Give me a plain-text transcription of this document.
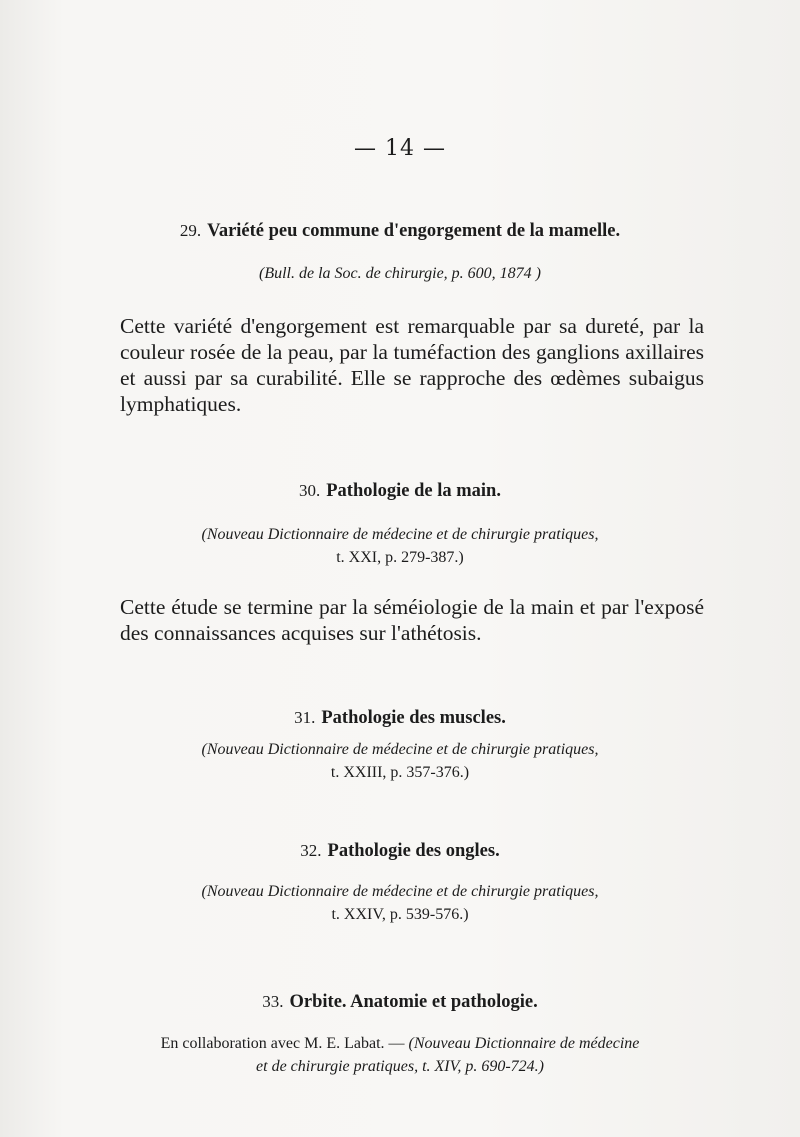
— 14 —
29. Variété peu commune d'engorgement de la mamelle.
(Bull. de la Soc. de chirurgie, p. 600, 1874 )
Cette variété d'engorgement est remarquable par sa dureté, par la
couleur rosée de la peau, par la tuméfaction des ganglions axillaires
et aussi par sa curabilité. Elle se rapproche des œdèmes subaigus
lymphatiques.
30. Pathologie de la main.
(Nouveau Dictionnaire de médecine et de chirurgie pratiques,
t. XXI, p. 279-387.)
Cette étude se termine par la séméiologie de la main et par l'exposé
des connaissances acquises sur l'athétosis.
31. Pathologie des muscles.
(Nouveau Dictionnaire de médecine et de chirurgie pratiques,
t. XXIII, p. 357-376.)
32. Pathologie des ongles.
(Nouveau Dictionnaire de médecine et de chirurgie pratiques,
t. XXIV, p. 539-576.)
33. Orbite. Anatomie et pathologie.
En collaboration avec M. E. Labat. — (Nouveau Dictionnaire de médecine
et de chirurgie pratiques, t. XIV, p. 690-724.)
